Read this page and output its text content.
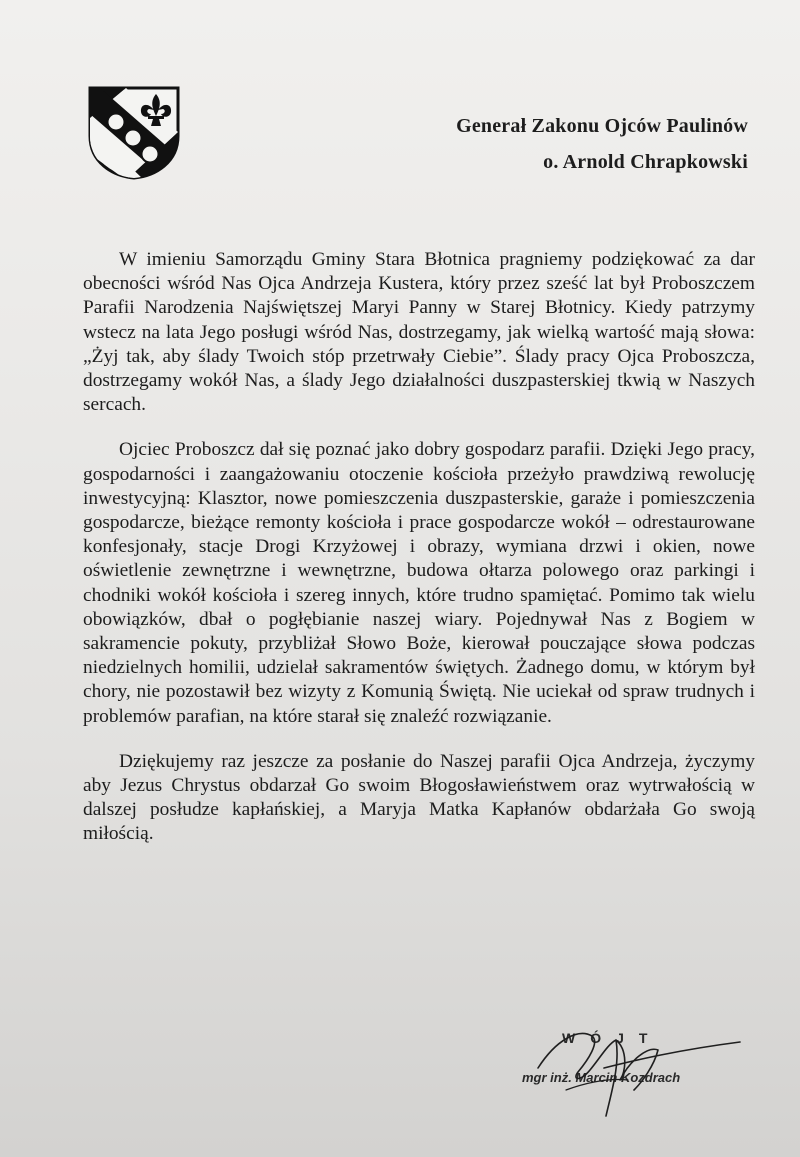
Generał Zakonu Ojców Paulinów
o. Arnold Chrapkowski

W imieniu Samorządu Gminy Stara Błotnica pragniemy podziękować za dar obecności wśród Nas Ojca Andrzeja Kustera, który przez sześć lat był Proboszczem Parafii Narodzenia Najświętszej Maryi Panny w Starej Błotnicy. Kiedy patrzymy wstecz na lata Jego posługi wśród Nas, dostrzegamy, jak wielką wartość mają słowa: „Żyj tak, aby ślady Twoich stóp przetrwały Ciebie”. Ślady pracy Ojca Proboszcza, dostrzegamy wokół Nas, a ślady Jego działalności duszpasterskiej tkwią w Naszych sercach.

Ojciec Proboszcz dał się poznać jako dobry gospodarz parafii. Dzięki Jego pracy, gospodarności i zaangażowaniu otoczenie kościoła przeżyło prawdziwą rewolucję inwestycyjną: Klasztor, nowe pomieszczenia duszpasterskie, garaże i pomieszczenia gospodarcze, bieżące remonty kościoła i prace gospodarcze wokół – odrestaurowane konfesjonały, stacje Drogi Krzyżowej i obrazy, wymiana drzwi i okien, nowe oświetlenie zewnętrzne i wewnętrzne, budowa ołtarza polowego oraz parkingi i chodniki wokół kościoła i szereg innych, które trudno spamiętać. Pomimo tak wielu obowiązków, dbał o pogłębianie naszej wiary. Pojednywał Nas z Bogiem w sakramencie pokuty, przybliżał Słowo Boże, kierował pouczające słowa podczas niedzielnych homilii, udzielał sakramentów świętych. Żadnego domu, w którym był chory, nie pozostawił bez wizyty z Komunią Świętą. Nie uciekał od spraw trudnych i problemów parafian, na które starał się znaleźć rozwiązanie.

Dziękujemy raz jeszcze za posłanie do Naszej parafii Ojca Andrzeja, życzymy aby Jezus Chrystus obdarzał Go swoim Błogosławieństwem oraz wytrwałością w dalszej posłudze kapłańskiej, a Maryja Matka Kapłanów obdarżała Go swoją miłością.

WÓJT
mgr inż. Marcin Kozdrach
